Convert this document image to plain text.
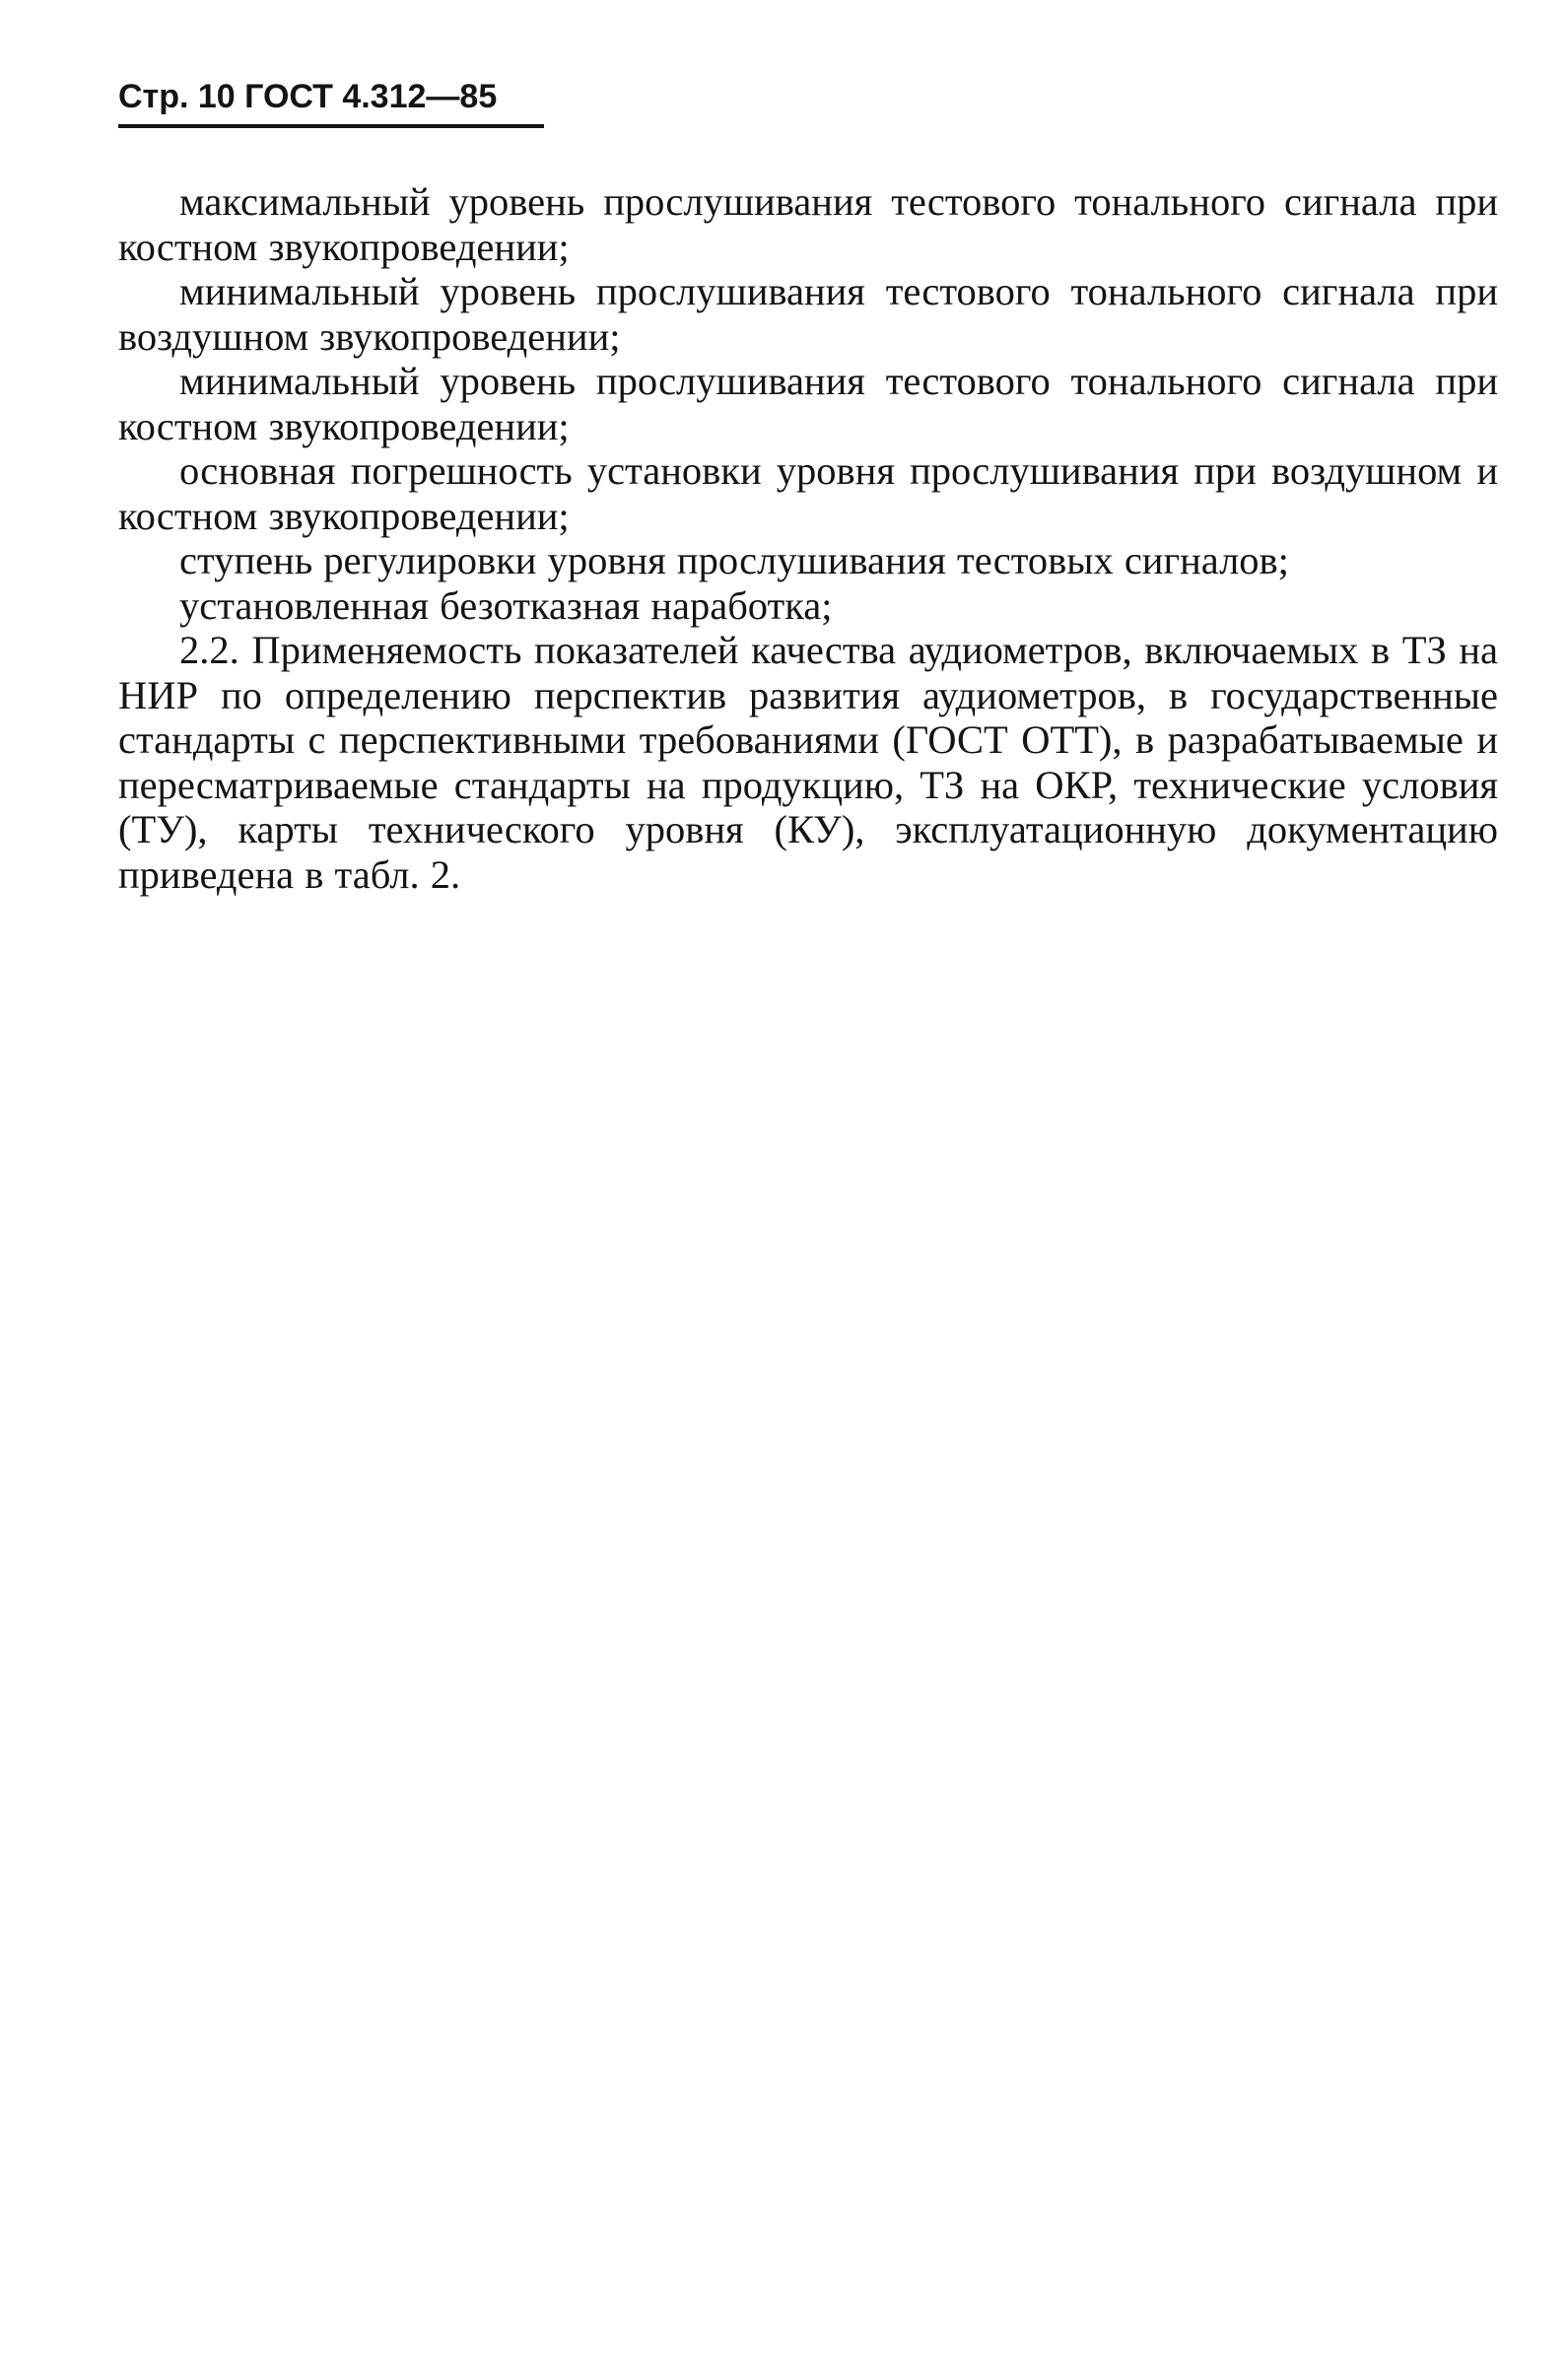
Стр. 10 ГОСТ 4.312—85

максимальный уровень прослушивания тестового тонального сигнала при костном звукопроведении;

минимальный уровень прослушивания тестового тонального сигнала при воздушном звукопроведении;

минимальный уровень прослушивания тестового тонального сигнала при костном звукопроведении;

основная погрешность установки уровня прослушивания при воздушном и костном звукопроведении;

ступень регулировки уровня прослушивания тестовых сигналов;

установленная безотказная наработка;

2.2. Применяемость показателей качества аудиометров, включаемых в ТЗ на НИР по определению перспектив развития аудиометров, в государственные стандарты с перспективными требованиями (ГОСТ ОТТ), в разрабатываемые и пересматриваемые стандарты на продукцию, ТЗ на ОКР, технические условия (ТУ), карты технического уровня (КУ), эксплуатационную документацию приведена в табл. 2.
